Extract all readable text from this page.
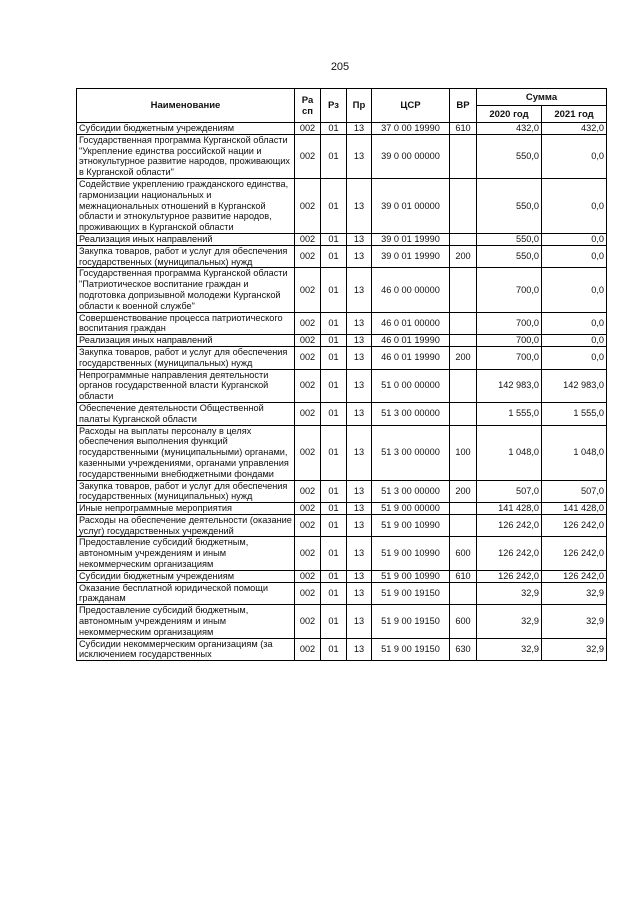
205
Наименование	Ра сп	Рз	Пр	ЦСР	ВР	Сумма	
						2020 год	2021 год
Субсидии бюджетным учреждениям	002	01	13	37 0 00 19990	610	432,0	432,0
Государственная программа Курганской области "Укрепление единства российской нации и этнокультурное развитие народов, проживающих в Курганской области"	002	01	13	39 0 00 00000		550,0	0,0
Содействие укреплению гражданского единства, гармонизации национальных и межнациональных отношений в Курганской области и этнокультурное развитие народов, проживающих в Курганской области	002	01	13	39 0 01 00000		550,0	0,0
Реализация иных направлений	002	01	13	39 0 01 19990		550,0	0,0
Закупка товаров, работ и услуг для обеспечения государственных (муниципальных) нужд	002	01	13	39 0 01 19990	200	550,0	0,0
Государственная программа Курганской области "Патриотическое воспитание граждан и подготовка допризывной молодежи Курганской области к военной службе"	002	01	13	46 0 00 00000		700,0	0,0
Совершенствование процесса патриотического воспитания граждан	002	01	13	46 0 01 00000		700,0	0,0
Реализация иных направлений	002	01	13	46 0 01 19990		700,0	0,0
Закупка товаров, работ и услуг для обеспечения государственных (муниципальных) нужд	002	01	13	46 0 01 19990	200	700,0	0,0
Непрограммные направления деятельности органов государственной власти Курганской области	002	01	13	51 0 00 00000		142 983,0	142 983,0
Обеспечение деятельности Общественной палаты Курганской области	002	01	13	51 3 00 00000		1 555,0	1 555,0
Расходы на выплаты персоналу в целях обеспечения выполнения функций государственными (муниципальными) органами, казенными учреждениями, органами управления государственными внебюджетными фондами	002	01	13	51 3 00 00000	100	1 048,0	1 048,0
Закупка товаров, работ и услуг для обеспечения государственных (муниципальных) нужд	002	01	13	51 3 00 00000	200	507,0	507,0
Иные непрограммные мероприятия	002	01	13	51 9 00 00000		141 428,0	141 428,0
Расходы на обеспечение деятельности (оказание услуг) государственных учреждений	002	01	13	51 9 00 10990		126 242,0	126 242,0
Предоставление субсидий бюджетным, автономным учреждениям и иным некоммерческим организациям	002	01	13	51 9 00 10990	600	126 242,0	126 242,0
Субсидии бюджетным учреждениям	002	01	13	51 9 00 10990	610	126 242,0	126 242,0
Оказание бесплатной юридической помощи гражданам	002	01	13	51 9 00 19150		32,9	32,9
Предоставление субсидий бюджетным, автономным учреждениям и иным некоммерческим организациям	002	01	13	51 9 00 19150	600	32,9	32,9
Субсидии некоммерческим организациям (за исключением государственных	002	01	13	51 9 00 19150	630	32,9	32,9
